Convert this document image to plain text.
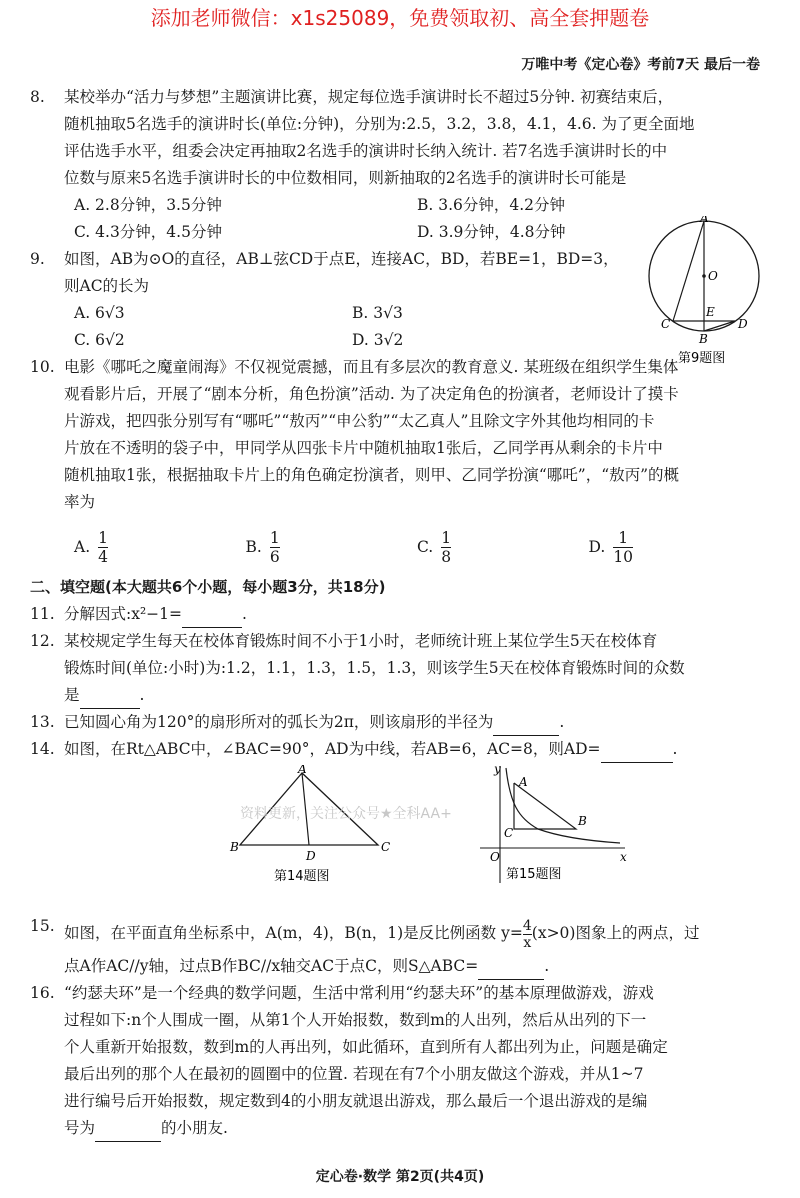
添加老师微信：x1s25089，免费领取初、高全套押题卷
万唯中考《定心卷》考前7天 最后一卷
A
O
E
C
B
D
第9题图
8. 某校举办“活力与梦想”主题演讲比赛，规定每位选手演讲时长不超过5分钟. 初赛结束后，

随机抽取5名选手的演讲时长(单位:分钟)，分别为:2.5，3.2，3.8，4.1，4.6. 为了更全面地

评估选手水平，组委会决定再抽取2名选手的演讲时长纳入统计. 若7名选手演讲时长的中

位数与原来5名选手演讲时长的中位数相同，则新抽取的2名选手的演讲时长可能是

A. 2.8分钟，3.5分钟	B. 3.6分钟，4.2分钟
C. 4.3分钟，4.5分钟	D. 3.9分钟，4.8分钟
9. 如图，AB为⊙O的直径，AB⊥弦CD于点E，连接AC，BD，若BE=1，BD=3，

则AC的长为

A. 6√3	B. 3√3
C. 6√2	D. 3√2
10. 电影《哪吒之魔童闹海》不仅视觉震撼，而且有多层次的教育意义. 某班级在组织学生集体

观看影片后，开展了“剧本分析，角色扮演”活动. 为了决定角色的扮演者，老师设计了摸卡

片游戏，把四张分别写有“哪吒”“敖丙”“申公豹”“太乙真人”且除文字外其他均相同的卡

片放在不透明的袋子中，甲同学从四张卡片中随机抽取1张后，乙同学再从剩余的卡片中

随机抽取1张，根据抽取卡片上的角色确定扮演者，则甲、乙同学扮演“哪吒”，“敖丙”的概

率为

A. $\frac{1}{4}$	B. $\frac{1}{6}$	C. $\frac{1}{8}$	D. $\frac{1}{10}$

二、填空题(本大题共6个小题，每小题3分，共18分)

11. 分解因式:x²−1=	.

12. 某校规定学生每天在校体育锻炼时间不小于1小时，老师统计班上某位学生5天在校体育

锻炼时间(单位:小时)为:1.2，1.1，1.3，1.5，1.3，则该学生5天在校体育锻炼时间的众数

是	.

13. 已知圆心角为120°的扇形所对的弧长为2π，则该扇形的半径为	.

14. 如图，在Rt△ABC中，∠BAC=90°，AD为中线，若AB=6，AC=8，则AD=	.

A
B	C
D
第14题图
y
A
B
C
O	x
第15题图
资料更新，关注公众号★全科AA+
15. 如图，在平面直角坐标系中，A(m，4)，B(n，1)是反比例函数 $y= \frac{4}{x} (x>0)$图象上的两点，过

点A作AC//y轴，过点B作BC//x轴交AC于点C，则S△ABC=	.

16. “约瑟夫环”是一个经典的数学问题，生活中常利用“约瑟夫环”的基本原理做游戏，游戏

过程如下:n个人围成一圈，从第1个人开始报数，数到m的人出列，然后从出列的下一

个人重新开始报数，数到m的人再出列，如此循环，直到所有人都出列为止，问题是确定

最后出列的那个人在最初的圆圈中的位置. 若现在有7个小朋友做这个游戏，并从1~7

进行编号后开始报数，规定数到4的小朋友就退出游戏，那么最后一个退出游戏的是编

号为	的小朋友.

定心卷·数学 第2页(共4页)
